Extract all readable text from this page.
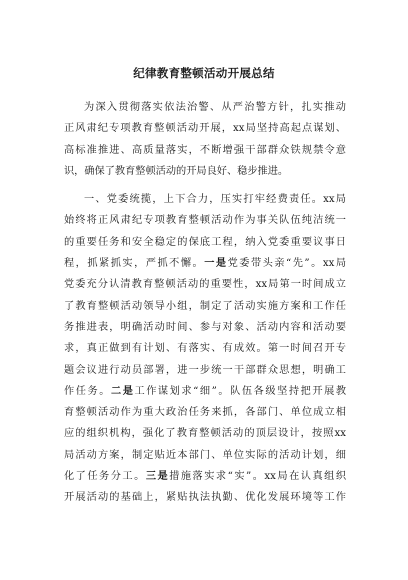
纪律教育整顿活动开展总结
为深入贯彻落实依法治警、从严治警方针，扎实推动
正风肃纪专项教育整顿活动开展，xx局坚持高起点谋划、
高标准推进、高质量落实，不断增强干部群众铁规禁令意
识，确保了教育整顿活动的开局良好、稳步推进。
一、党委统揽，上下合力，压实打牢经费责任。xx局
始终将正风肃纪专项教育整顿活动作为事关队伍纯洁统一
的重要任务和安全稳定的保底工程，纳入党委重要议事日
程，抓紧抓实，严抓不懈。一是党委带头亲“先”。xx局
党委充分认清教育整顿活动的重要性，xx局第一时间成立
了教育整顿活动领导小组，制定了活动实施方案和工作任
务推进表，明确活动时间、参与对象、活动内容和活动要
求，真正做到有计划、有落实、有成效。第一时间召开专
题会议进行动员部署，进一步统一干部群众思想，明确工
作任务。二是工作谋划求“细”。队伍各级坚持把开展教
育整顿活动作为重大政治任务来抓，各部门、单位成立相
应的组织机构，强化了教育整顿活动的顶层设计，按照xx
局活动方案，制定贴近本部门、单位实际的活动计划，细
化了任务分工。三是措施落实求“实”。xx局在认真组织
开展活动的基础上，紧贴执法执勤、优化发展环境等工作
